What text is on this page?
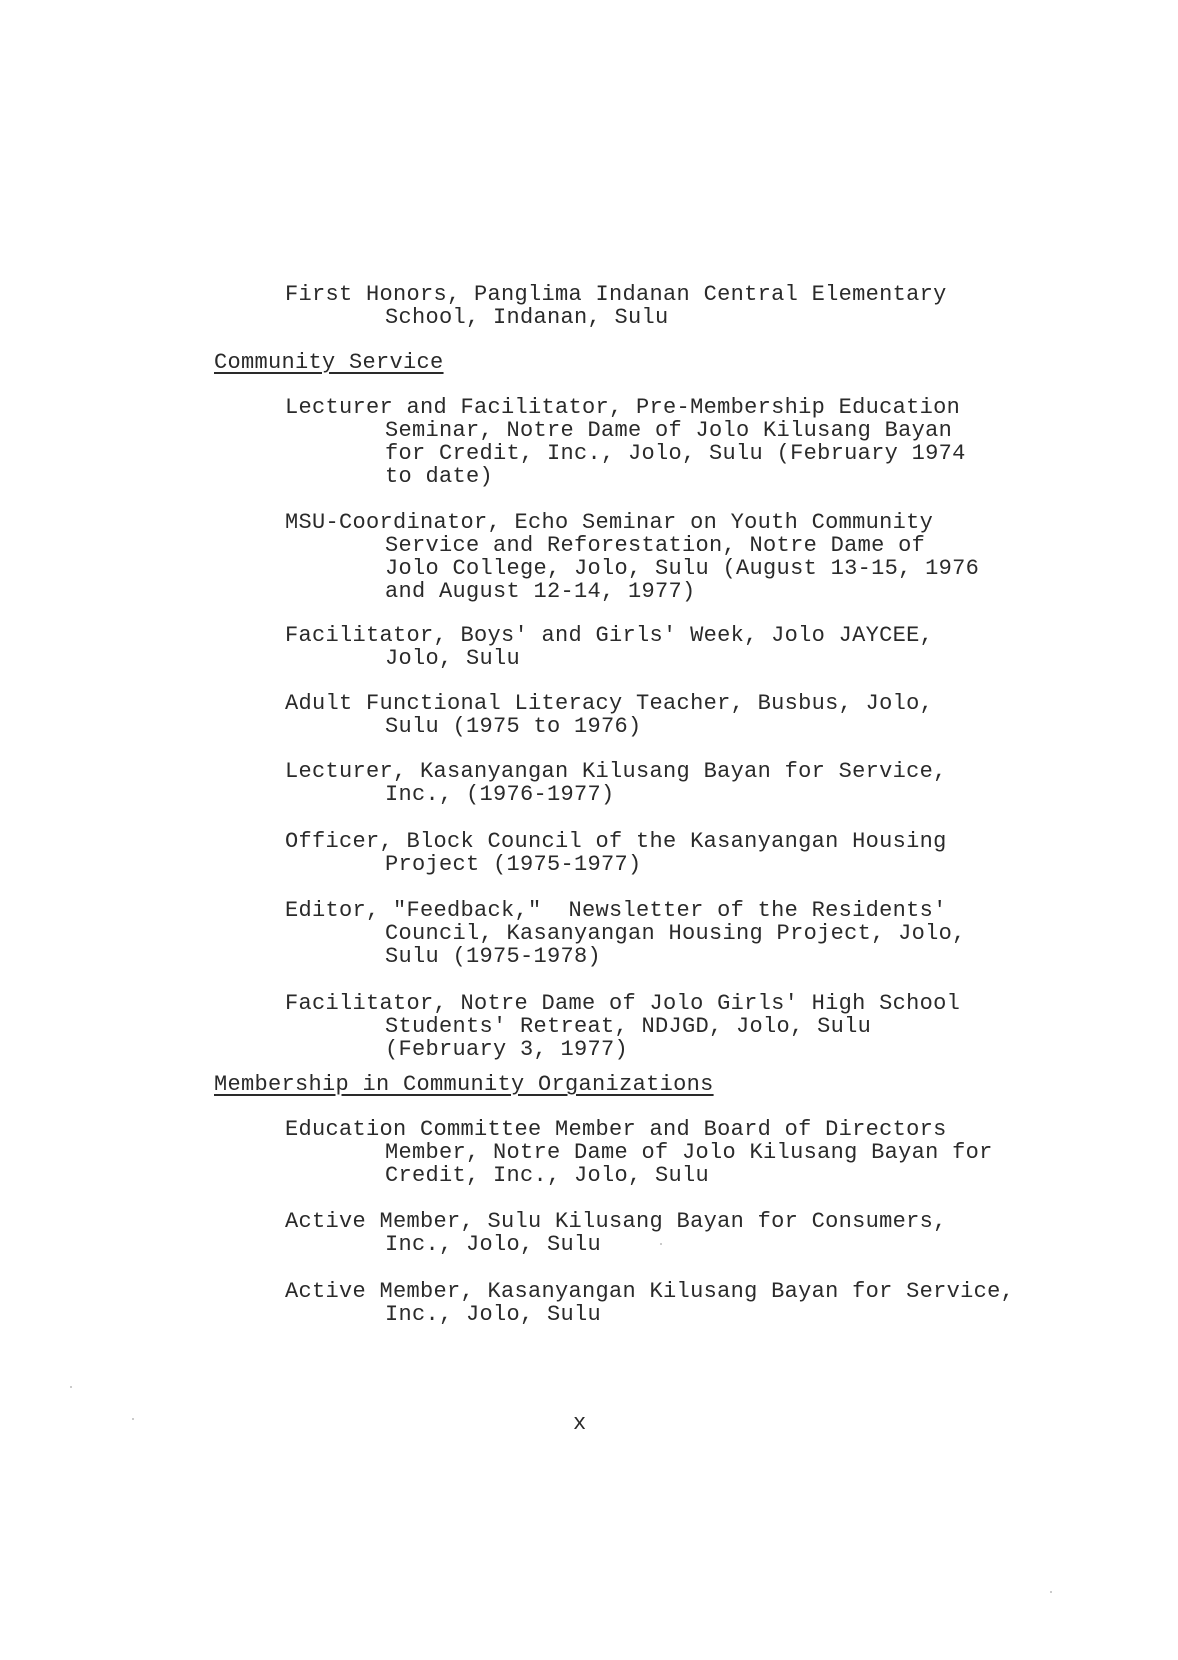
First Honors, Panglima Indanan Central Elementary
School, Indanan, Sulu
Community Service
Lecturer and Facilitator, Pre-Membership Education
Seminar, Notre Dame of Jolo Kilusang Bayan
for Credit, Inc., Jolo, Sulu (February 1974
to date)
MSU-Coordinator, Echo Seminar on Youth Community
Service and Reforestation, Notre Dame of
Jolo College, Jolo, Sulu (August 13-15, 1976
and August 12-14, 1977)
Facilitator, Boys' and Girls' Week, Jolo JAYCEE,
Jolo, Sulu
Adult Functional Literacy Teacher, Busbus, Jolo,
Sulu (1975 to 1976)
Lecturer, Kasanyangan Kilusang Bayan for Service,
Inc., (1976-1977)
Officer, Block Council of the Kasanyangan Housing
Project (1975-1977)
Editor, "Feedback,"  Newsletter of the Residents'
Council, Kasanyangan Housing Project, Jolo,
Sulu (1975-1978)
Facilitator, Notre Dame of Jolo Girls' High School
Students' Retreat, NDJGD, Jolo, Sulu
(February 3, 1977)
Membership in Community Organizations
Education Committee Member and Board of Directors
Member, Notre Dame of Jolo Kilusang Bayan for
Credit, Inc., Jolo, Sulu
Active Member, Sulu Kilusang Bayan for Consumers,
Inc., Jolo, Sulu
Active Member, Kasanyangan Kilusang Bayan for Service,
Inc., Jolo, Sulu
x
